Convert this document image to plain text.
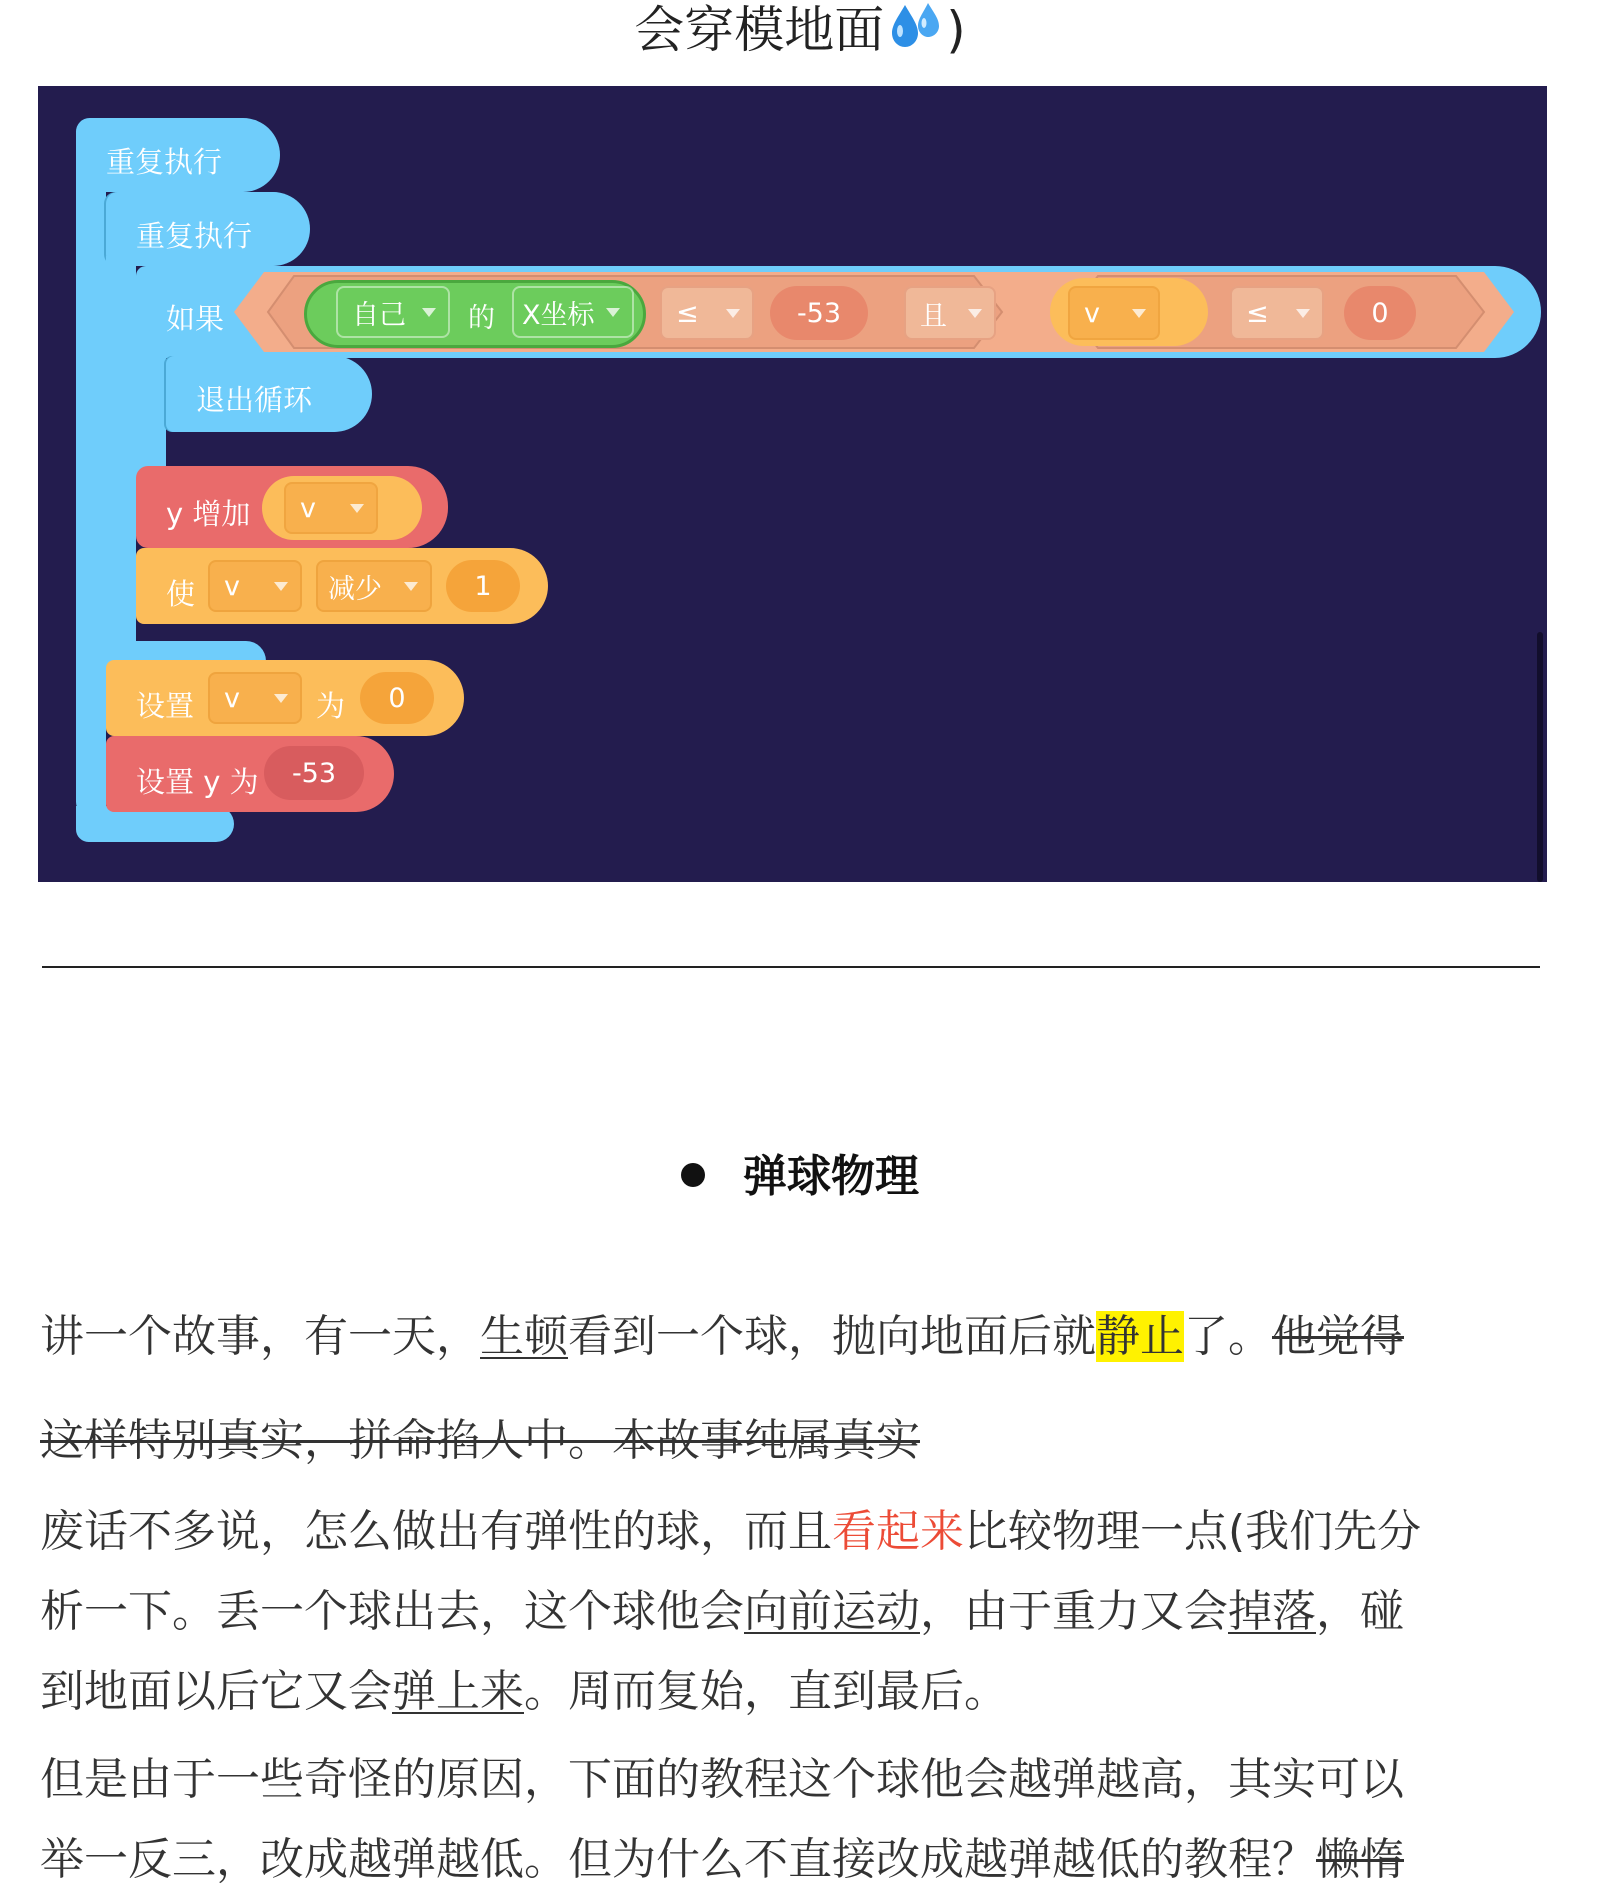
会穿模地面 )
重复执行
重复执行
如果	自己 的 X坐标	≤	-53	且	v	≤	0
退出循环
y 增加 v
使 v	减少	1
设置 v	为 0
设置 y 为 -53
弹球物理
讲一个故事，有一天，生顿看到一个球，抛向地面后就静止了。他觉得
这样特别真实，拼命掐人中。本故事纯属真实
废话不多说，怎么做出有弹性的球，而且看起来比较物理一点(我们先分
析一下。丢一个球出去，这个球他会向前运动，由于重力又会掉落，碰
到地面以后它又会弹上来。周而复始，直到最后。
但是由于一些奇怪的原因，下面的教程这个球他会越弹越高，其实可以
举一反三，改成越弹越低。但为什么不直接改成越弹越低的教程？懒惰
